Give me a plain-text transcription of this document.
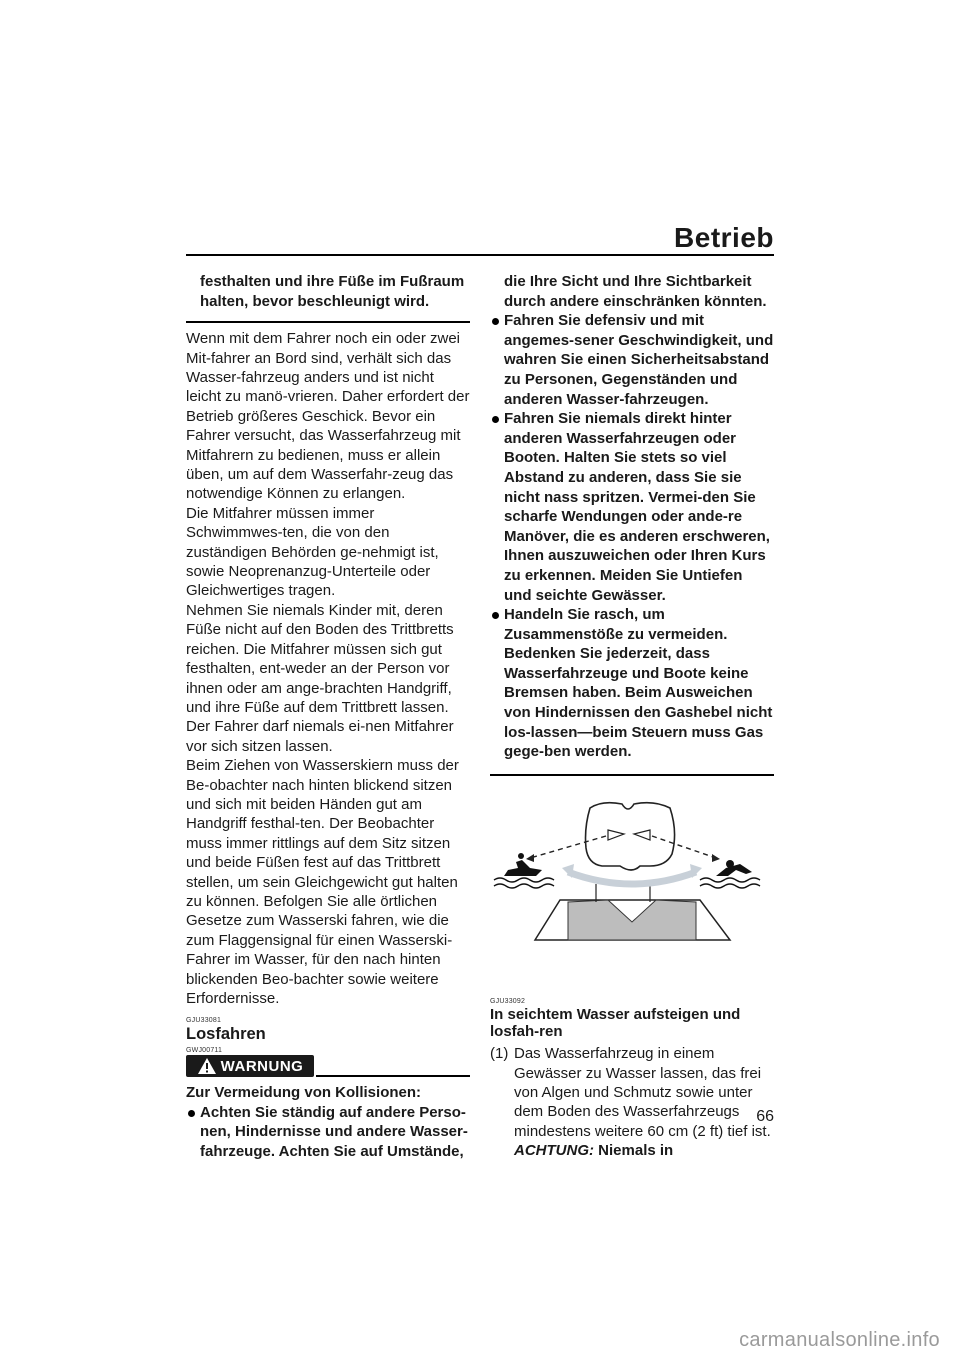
Betrieb
festhalten und ihre Füße im Fußraum halten, bevor beschleunigt wird.
Wenn mit dem Fahrer noch ein oder zwei Mit-fahrer an Bord sind, verhält sich das Wasser-fahrzeug anders und ist nicht leicht zu manö-vrieren. Daher erfordert der Betrieb größeres Geschick. Bevor ein Fahrer versucht, das Wasserfahrzeug mit Mitfahrern zu bedienen, muss er allein üben, um auf dem Wasserfahr-zeug das notwendige Können zu erlangen.
Die Mitfahrer müssen immer Schwimmwes-ten, die von den zuständigen Behörden ge-nehmigt ist, sowie Neoprenanzug-Unterteile oder Gleichwertiges tragen.
Nehmen Sie niemals Kinder mit, deren Füße nicht auf den Boden des Trittbretts reichen. Die Mitfahrer müssen sich gut festhalten, ent-weder an der Person vor ihnen oder am ange-brachten Handgriff, und ihre Füße auf dem Trittbrett lassen. Der Fahrer darf niemals ei-nen Mitfahrer vor sich sitzen lassen.
Beim Ziehen von Wasserskiern muss der Be-obachter nach hinten blickend sitzen und sich mit beiden Händen gut am Handgriff festhal-ten. Der Beobachter muss immer rittlings auf dem Sitz sitzen und beide Füßen fest auf das Trittbrett stellen, um sein Gleichgewicht gut halten zu können. Befolgen Sie alle örtlichen Gesetze zum Wasserski fahren, wie die zum Flaggensignal für einen Wasserski-Fahrer im Wasser, für den nach hinten blickenden Beo-bachter sowie weitere Erfordernisse.
GJU33081
Losfahren
GWJ00711
WARNUNG
Zur Vermeidung von Kollisionen:
Achten Sie ständig auf andere Perso-nen, Hindernisse und andere Wasser-fahrzeuge. Achten Sie auf Umstände,
die Ihre Sicht und Ihre Sichtbarkeit durch andere einschränken könnten.
Fahren Sie defensiv und mit angemes-sener Geschwindigkeit, und wahren Sie einen Sicherheitsabstand zu Personen, Gegenständen und anderen Wasser-fahrzeugen.
Fahren Sie niemals direkt hinter anderen Wasserfahrzeugen oder Booten. Halten Sie stets so viel Abstand zu anderen, dass Sie sie nicht nass spritzen. Vermei-den Sie scharfe Wendungen oder ande-re Manöver, die es anderen erschweren, Ihnen auszuweichen oder Ihren Kurs zu erkennen. Meiden Sie Untiefen und seichte Gewässer.
Handeln Sie rasch, um Zusammenstöße zu vermeiden. Bedenken Sie jederzeit, dass Wasserfahrzeuge und Boote keine Bremsen haben. Beim Ausweichen von Hindernissen den Gashebel nicht los-lassen—beim Steuern muss Gas gege-ben werden.
GJU33092
In seichtem Wasser aufsteigen und losfah-ren
(1) Das Wasserfahrzeug in einem Gewässer zu Wasser lassen, das frei von Algen und Schmutz sowie unter dem Boden des Wasserfahrzeugs mindestens weitere 60 cm (2 ft) tief ist. ACHTUNG: Niemals in
66
carmanualsonline.info
